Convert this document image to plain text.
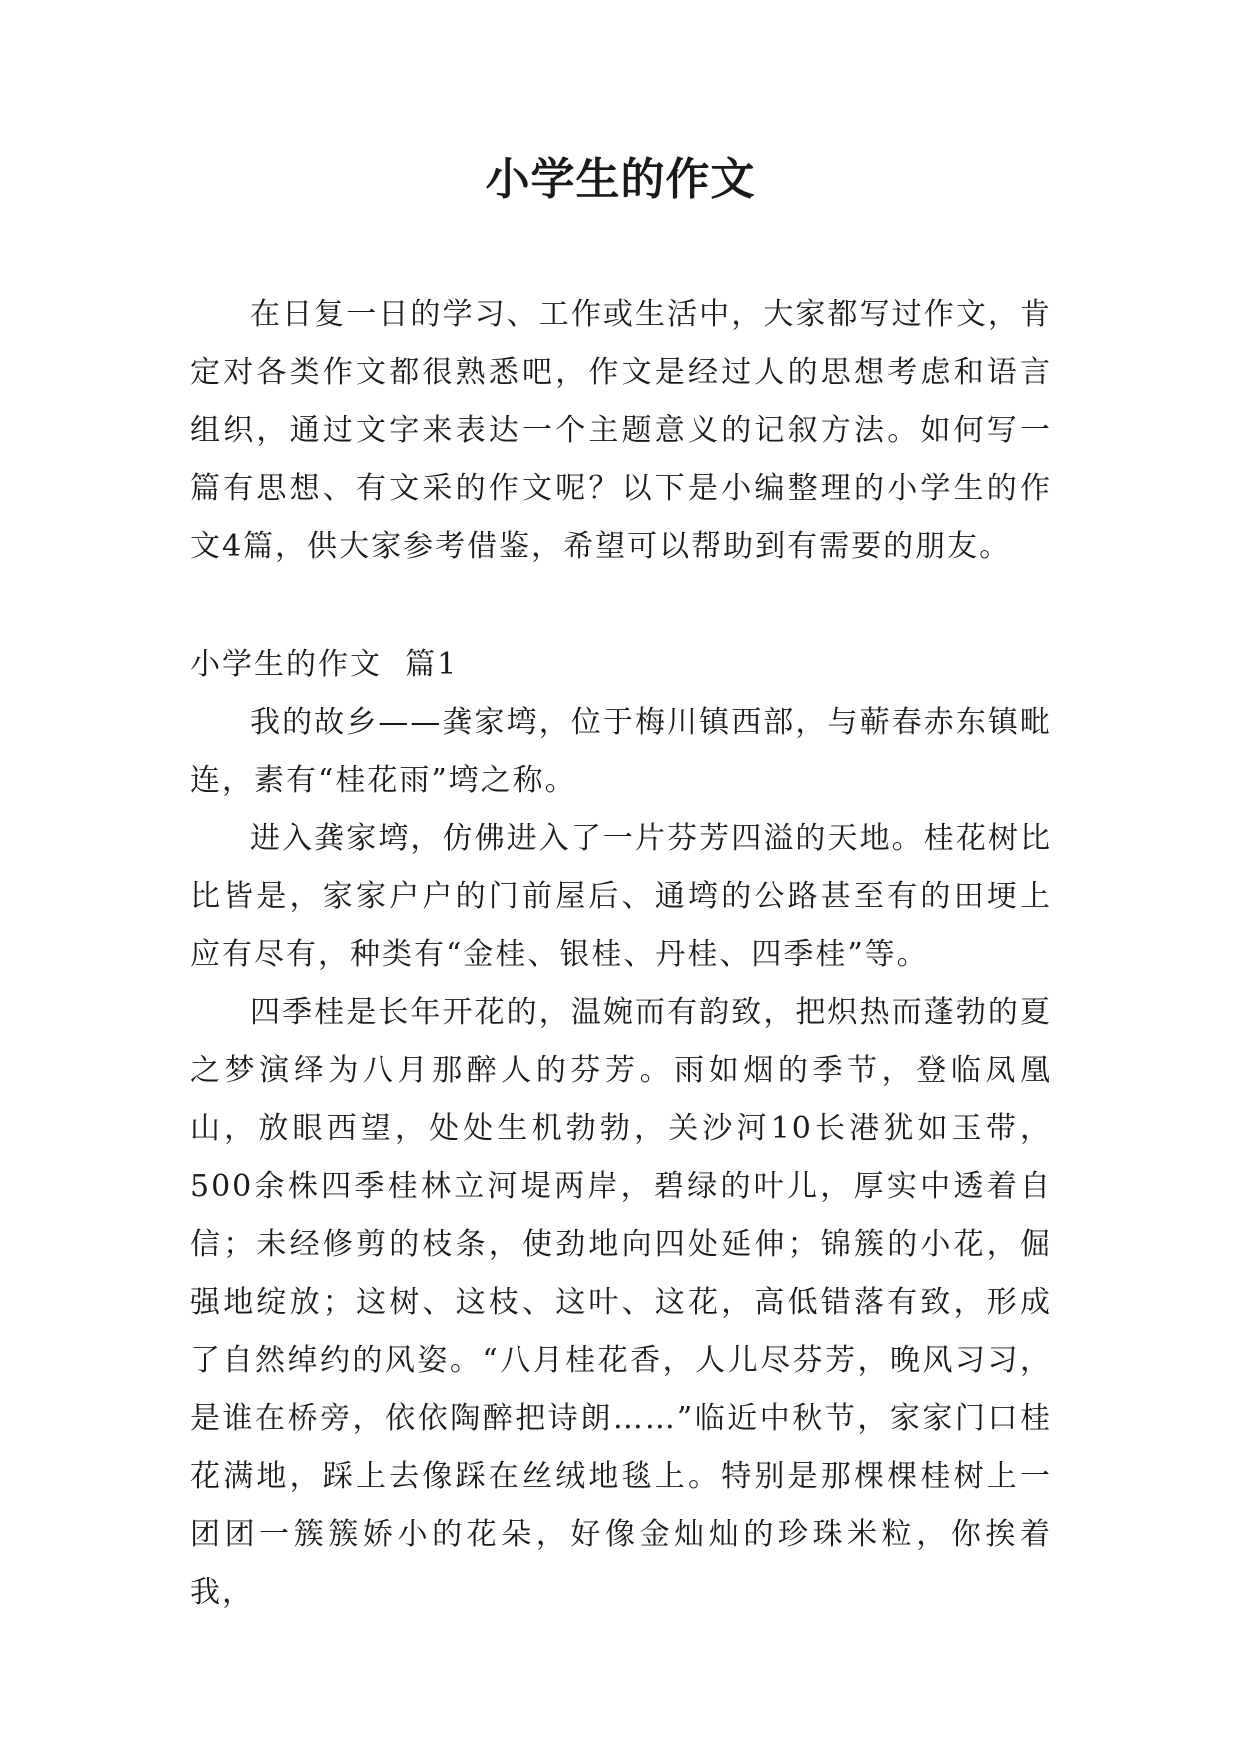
小学生的作文

在日复一日的学习、工作或生活中，大家都写过作文，肯定对各类作文都很熟悉吧，作文是经过人的思想考虑和语言组织，通过文字来表达一个主题意义的记叙方法。如何写一篇有思想、有文采的作文呢？以下是小编整理的小学生的作文4篇，供大家参考借鉴，希望可以帮助到有需要的朋友。

小学生的作文  篇1

我的故乡——龚家塆，位于梅川镇西部，与蕲春赤东镇毗连，素有“桂花雨”塆之称。

进入龚家塆，仿佛进入了一片芬芳四溢的天地。桂花树比比皆是，家家户户的门前屋后、通塆的公路甚至有的田埂上应有尽有，种类有“金桂、银桂、丹桂、四季桂”等。

四季桂是长年开花的，温婉而有韵致，把炽热而蓬勃的夏之梦演绎为八月那醉人的芬芳。雨如烟的季节，登临凤凰山，放眼西望，处处生机勃勃，关沙河10长港犹如玉带，500余株四季桂林立河堤两岸，碧绿的叶儿，厚实中透着自信；未经修剪的枝条，使劲地向四处延伸；锦簇的小花，倔强地绽放；这树、这枝、这叶、这花，高低错落有致，形成了自然绰约的风姿。“八月桂花香，人儿尽芬芳，晚风习习，是谁在桥旁，依依陶醉把诗朗……”临近中秋节，家家门口桂花满地，踩上去像踩在丝绒地毯上。特别是那棵棵桂树上一团团一簇簇娇小的花朵，好像金灿灿的珍珠米粒，你挨着我，
